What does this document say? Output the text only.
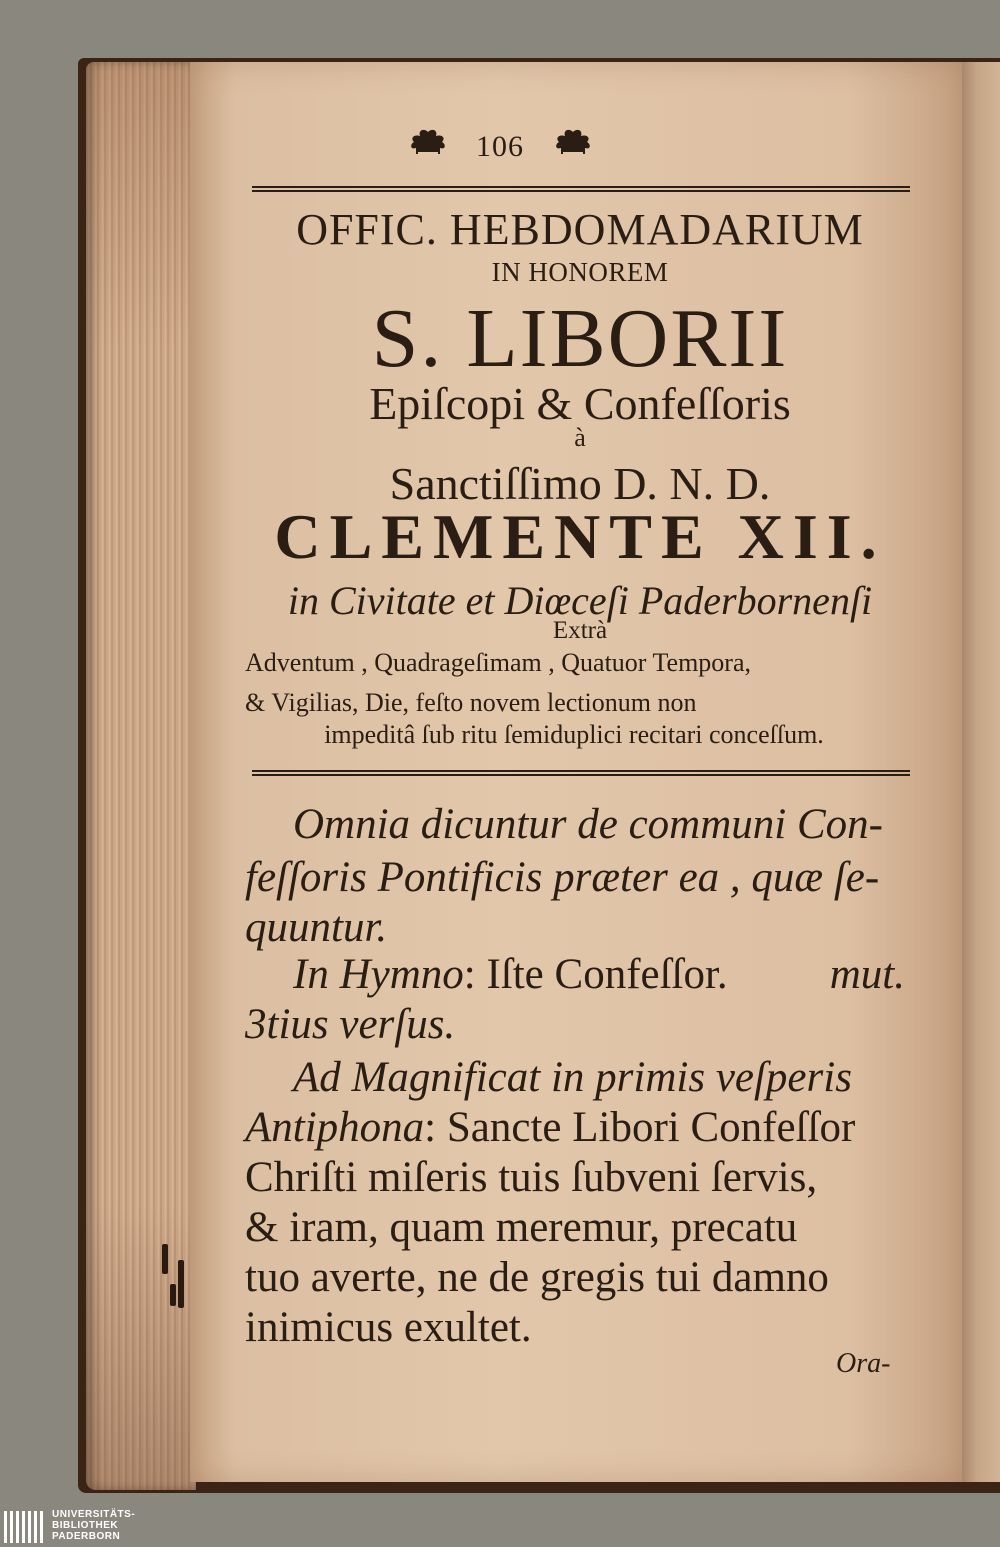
106
OFFIC. HEBDOMADARIUM
IN HONOREM
S. LIBORII
Epiſcopi & Confeſſoris
à
Sanctiſſimo D. N. D.
CLEMENTE XII.
in Civitate et Diœceſi Paderbornenſi
Extrà
Adventum , Quadrageſimam , Quatuor Tempora,
& Vigilias, Die, feſto novem lectionum non
impeditâ ſub ritu ſemiduplici recitari conceſſum.
Omnia dicuntur de communi Con-
feſſoris Pontificis præter ea , quæ ſe-
quuntur.
In Hymno: Iſte Confeſſor. mut.
3tius verſus.
Ad Magnificat in primis veſperis
Antiphona: Sancte Libori Confeſſor
Chriſti miſeris tuis ſubveni ſervis,
& iram, quam meremur, precatu
tuo averte, ne de gregis tui damno
inimicus exultet.
Ora-
UNIVERSITÄTS-
BIBLIOTHEK
PADERBORN
